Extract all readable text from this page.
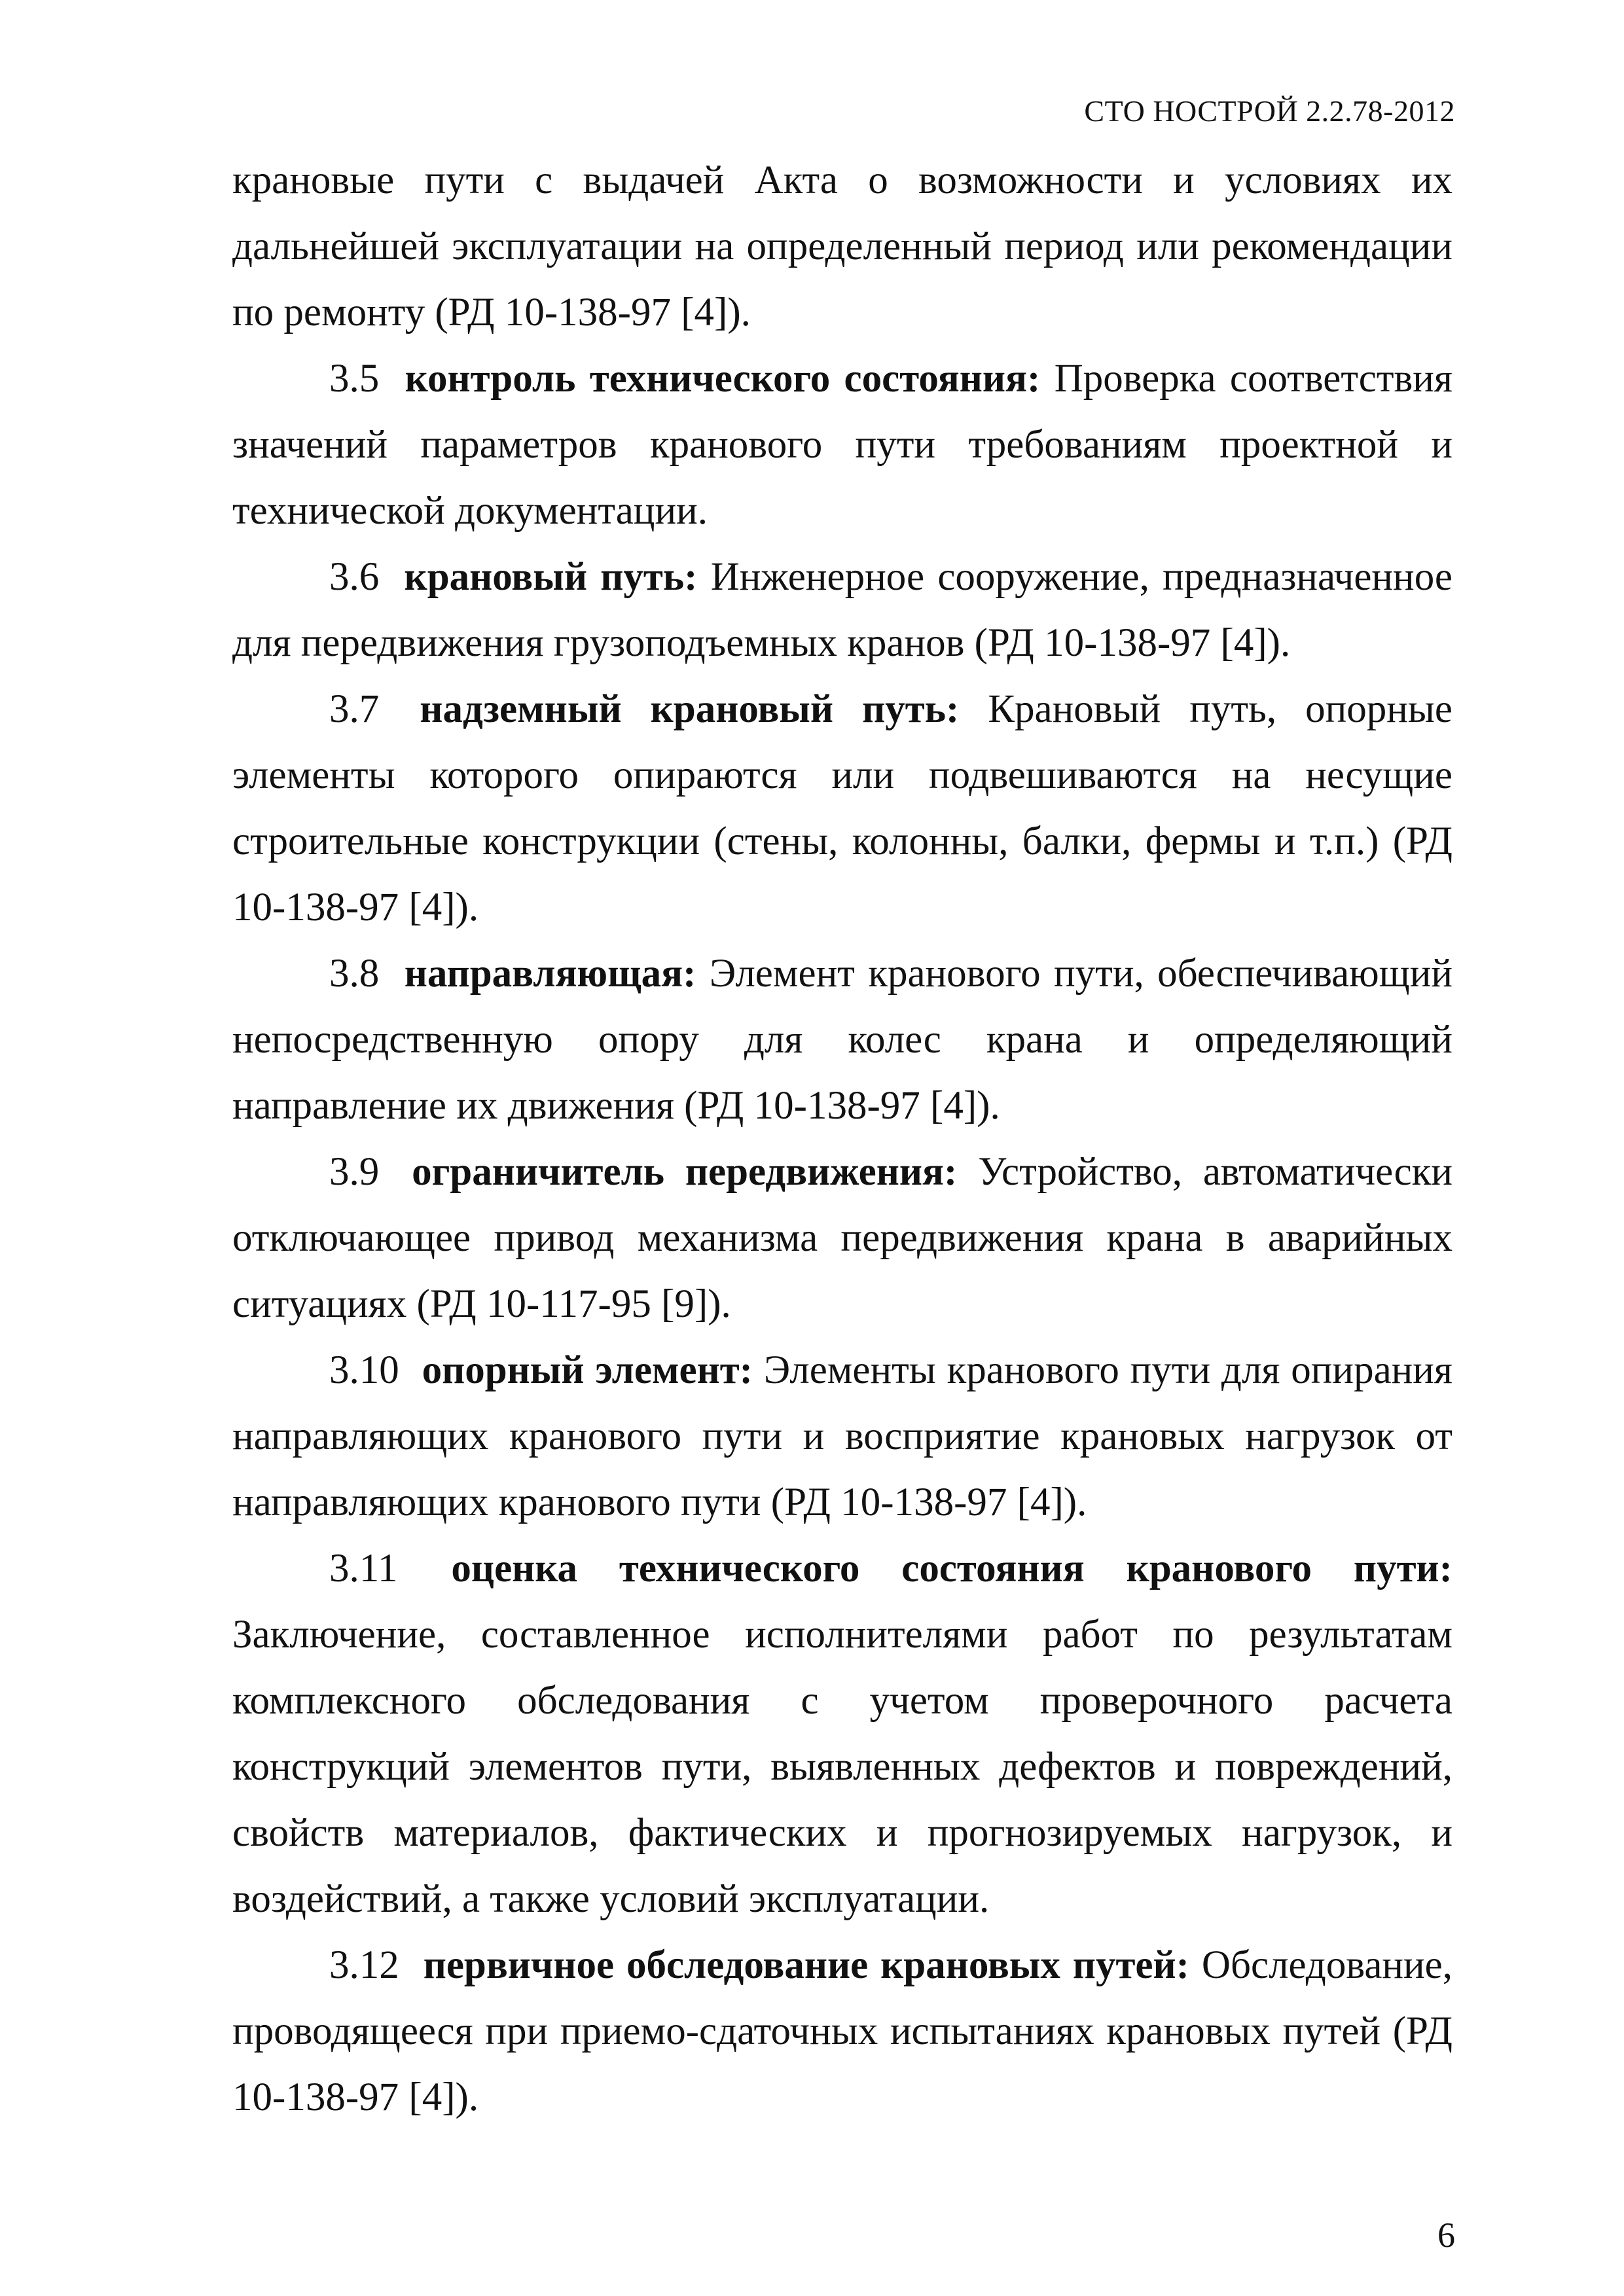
СТО НОСТРОЙ 2.2.78-2012

крановые пути с выдачей Акта о возможности и условиях их дальнейшей эксплуатации на определенный период или рекомендации по ремонту (РД 10-138-97 [4]).

3.5 контроль технического состояния: Проверка соответствия значений параметров кранового пути требованиям проектной и технической документации.

3.6 крановый путь: Инженерное сооружение, предназначенное для передвижения грузоподъемных кранов (РД 10-138-97 [4]).

3.7 надземный крановый путь: Крановый путь, опорные элементы которого опираются или подвешиваются на несущие строительные конструкции (стены, колонны, балки, фермы и т.п.) (РД 10-138-97 [4]).

3.8 направляющая: Элемент кранового пути, обеспечивающий непосредственную опору для колес крана и определяющий направление их движения (РД 10-138-97 [4]).

3.9 ограничитель передвижения: Устройство, автоматически отключающее привод механизма передвижения крана в аварийных ситуациях (РД 10-117-95 [9]).

3.10 опорный элемент: Элементы кранового пути для опирания направляющих кранового пути и восприятие крановых нагрузок от направляющих кранового пути (РД 10-138-97 [4]).

3.11 оценка технического состояния кранового пути: Заключение, составленное исполнителями работ по результатам комплексного обследования с учетом проверочного расчета конструкций элементов пути, выявленных дефектов и повреждений, свойств материалов, фактических и прогнозируемых нагрузок, и воздействий, а также условий эксплуатации.

3.12 первичное обследование крановых путей: Обследование, проводящееся при приемо-сдаточных испытаниях крановых путей (РД 10-138-97 [4]).

6
